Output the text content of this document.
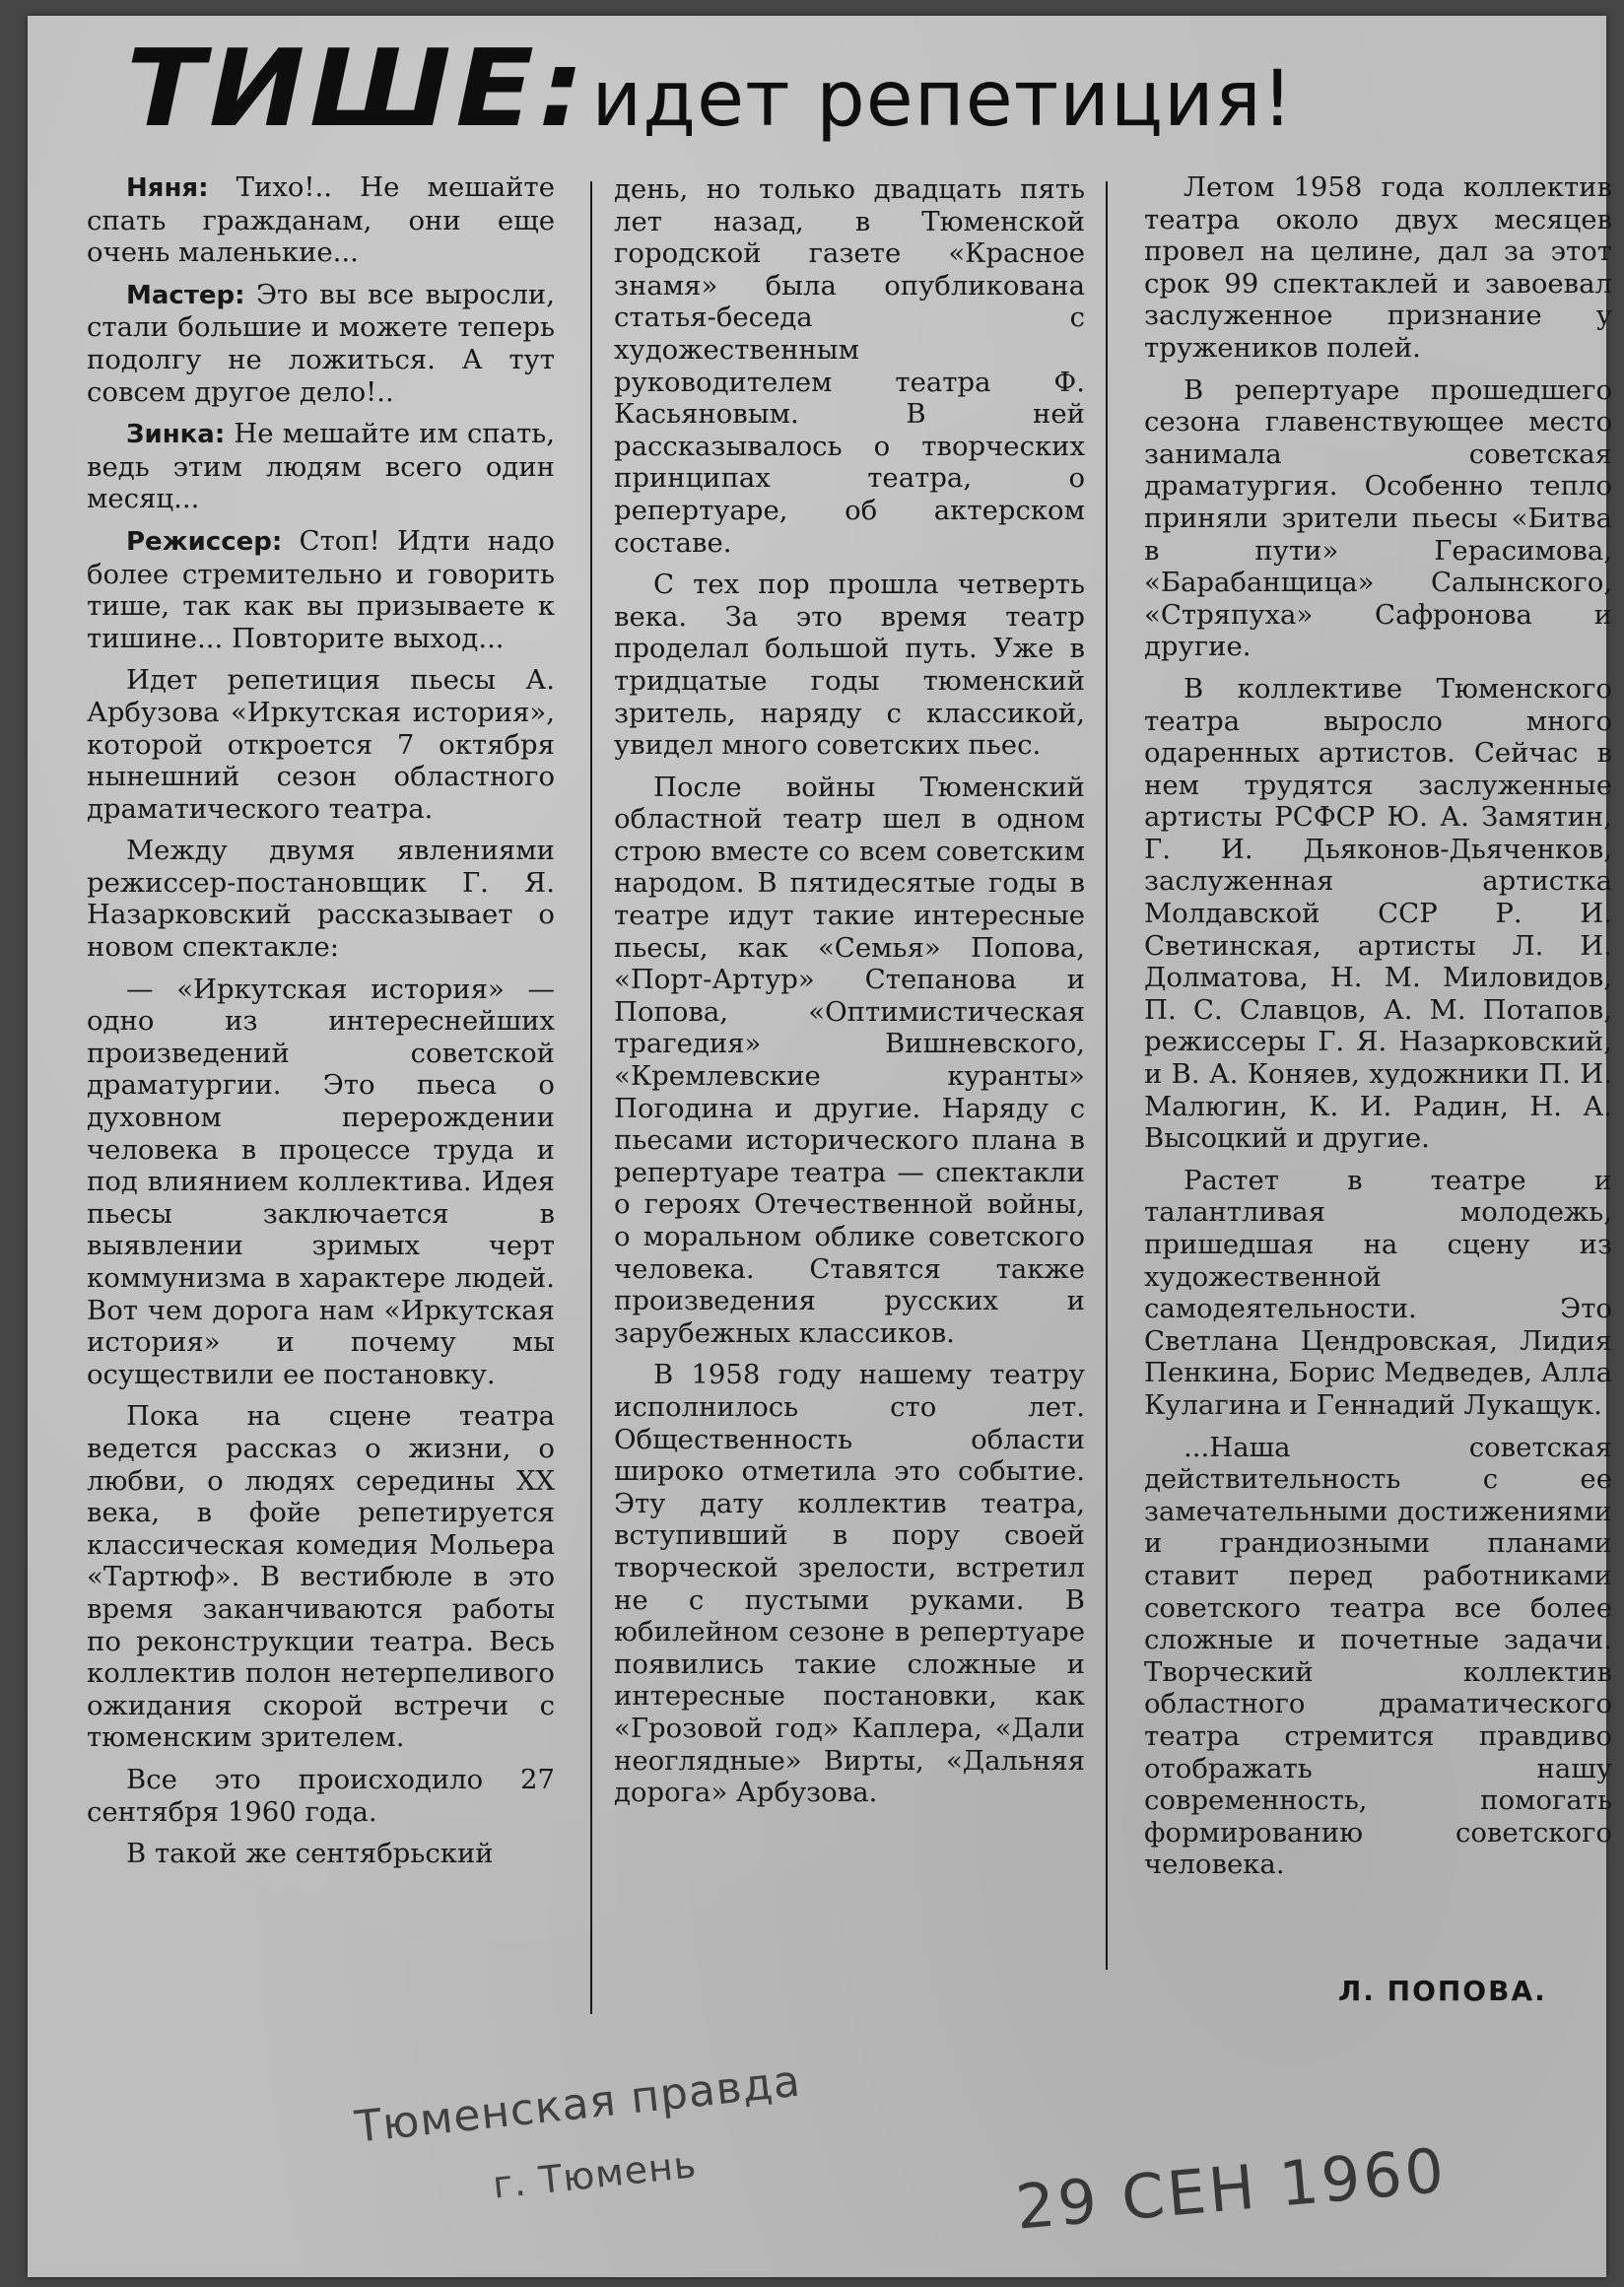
ТИШЕ:идет репетиция!

Няня: Тихо!.. Не мешайте спать гражданам, они еще очень маленькие...

Мастер: Это вы все выросли, стали большие и можете теперь подолгу не ложиться. А тут совсем другое дело!..

Зинка: Не мешайте им спать, ведь этим людям всего один месяц...

Режиссер: Стоп! Идти надо более стремительно и говорить тише, так как вы призываете к тишине... Повторите выход...

Идет репетиция пьесы А. Арбузова «Иркутская история», которой откроется 7 октября нынешний сезон областного драматического театра.

Между двумя явлениями режиссер-постановщик Г. Я. Назарковский рассказывает о новом спектакле:

— «Иркутская история» — одно из интереснейших произведений советской драматургии. Это пьеса о духовном перерождении человека в процессе труда и под влиянием коллектива. Идея пьесы заключается в выявлении зримых черт коммунизма в характере людей. Вот чем дорога нам «Иркутская история» и почему мы осуществили ее постановку.

Пока на сцене театра ведется рассказ о жизни, о любви, о людях середины XX века, в фойе репетируется классическая комедия Мольера «Тартюф». В вестибюле в это время заканчиваются работы по реконструкции театра. Весь коллектив полон нетерпеливого ожидания скорой встречи с тюменским зрителем.

Все это происходило 27 сентября 1960 года.

В такой же сентябрьский

день, но только двадцать пять лет назад, в Тюменской городской газете «Красное знамя» была опубликована статья-беседа с художественным руководителем театра Ф. Касьяновым. В ней рассказывалось о творческих принципах театра, о репертуаре, об актерском составе.

С тех пор прошла четверть века. За это время театр проделал большой путь. Уже в тридцатые годы тюменский зритель, наряду с классикой, увидел много советских пьес.

После войны Тюменский областной театр шел в одном строю вместе со всем советским народом. В пятидесятые годы в театре идут такие интересные пьесы, как «Семья» Попова, «Порт-Артур» Степанова и Попова, «Оптимистическая трагедия» Вишневского, «Кремлевские куранты» Погодина и другие. Наряду с пьесами исторического плана в репертуаре театра — спектакли о героях Отечественной войны, о моральном облике советского человека. Ставятся также произведения русских и зарубежных классиков.

В 1958 году нашему театру исполнилось сто лет. Общественность области широко отметила это событие. Эту дату коллектив театра, вступивший в пору своей творческой зрелости, встретил не с пустыми руками. В юбилейном сезоне в репертуаре появились такие сложные и интересные постановки, как «Грозовой год» Каплера, «Дали неоглядные» Вирты, «Дальняя дорога» Арбузова.

Летом 1958 года коллектив театра около двух месяцев провел на целине, дал за этот срок 99 спектаклей и завоевал заслуженное признание у тружеников полей.

В репертуаре прошедшего сезона главенствующее место занимала советская драматургия. Особенно тепло приняли зрители пьесы «Битва в пути» Герасимова, «Барабанщица» Салынского, «Стряпуха» Сафронова и другие.

В коллективе Тюменского театра выросло много одаренных артистов. Сейчас в нем трудятся заслуженные артисты РСФСР Ю. А. Замятин, Г. И. Дьяконов-Дьяченков, заслуженная артистка Молдавской ССР Р. И. Светинская, артисты Л. И. Долматова, Н. М. Миловидов, П. С. Славцов, А. М. Потапов, режиссеры Г. Я. Назарковский, и В. А. Коняев, художники П. И. Малюгин, К. И. Радин, Н. А. Высоцкий и другие.

Растет в театре и талантливая молодежь, пришедшая на сцену из художественной самодеятельности. Это Светлана Цендровская, Лидия Пенкина, Борис Медведев, Алла Кулагина и Геннадий Лукащук.

...Наша советская действительность с ее замечательными достижениями и грандиозными планами ставит перед работниками советского театра все более сложные и почетные задачи. Творческий коллектив областного драматического театра стремится правдиво отображать нашу современность, помогать формированию советского человека.

Л. ПОПОВА.
Тюменская правда
г. Тюмень	29 СЕН 1960
